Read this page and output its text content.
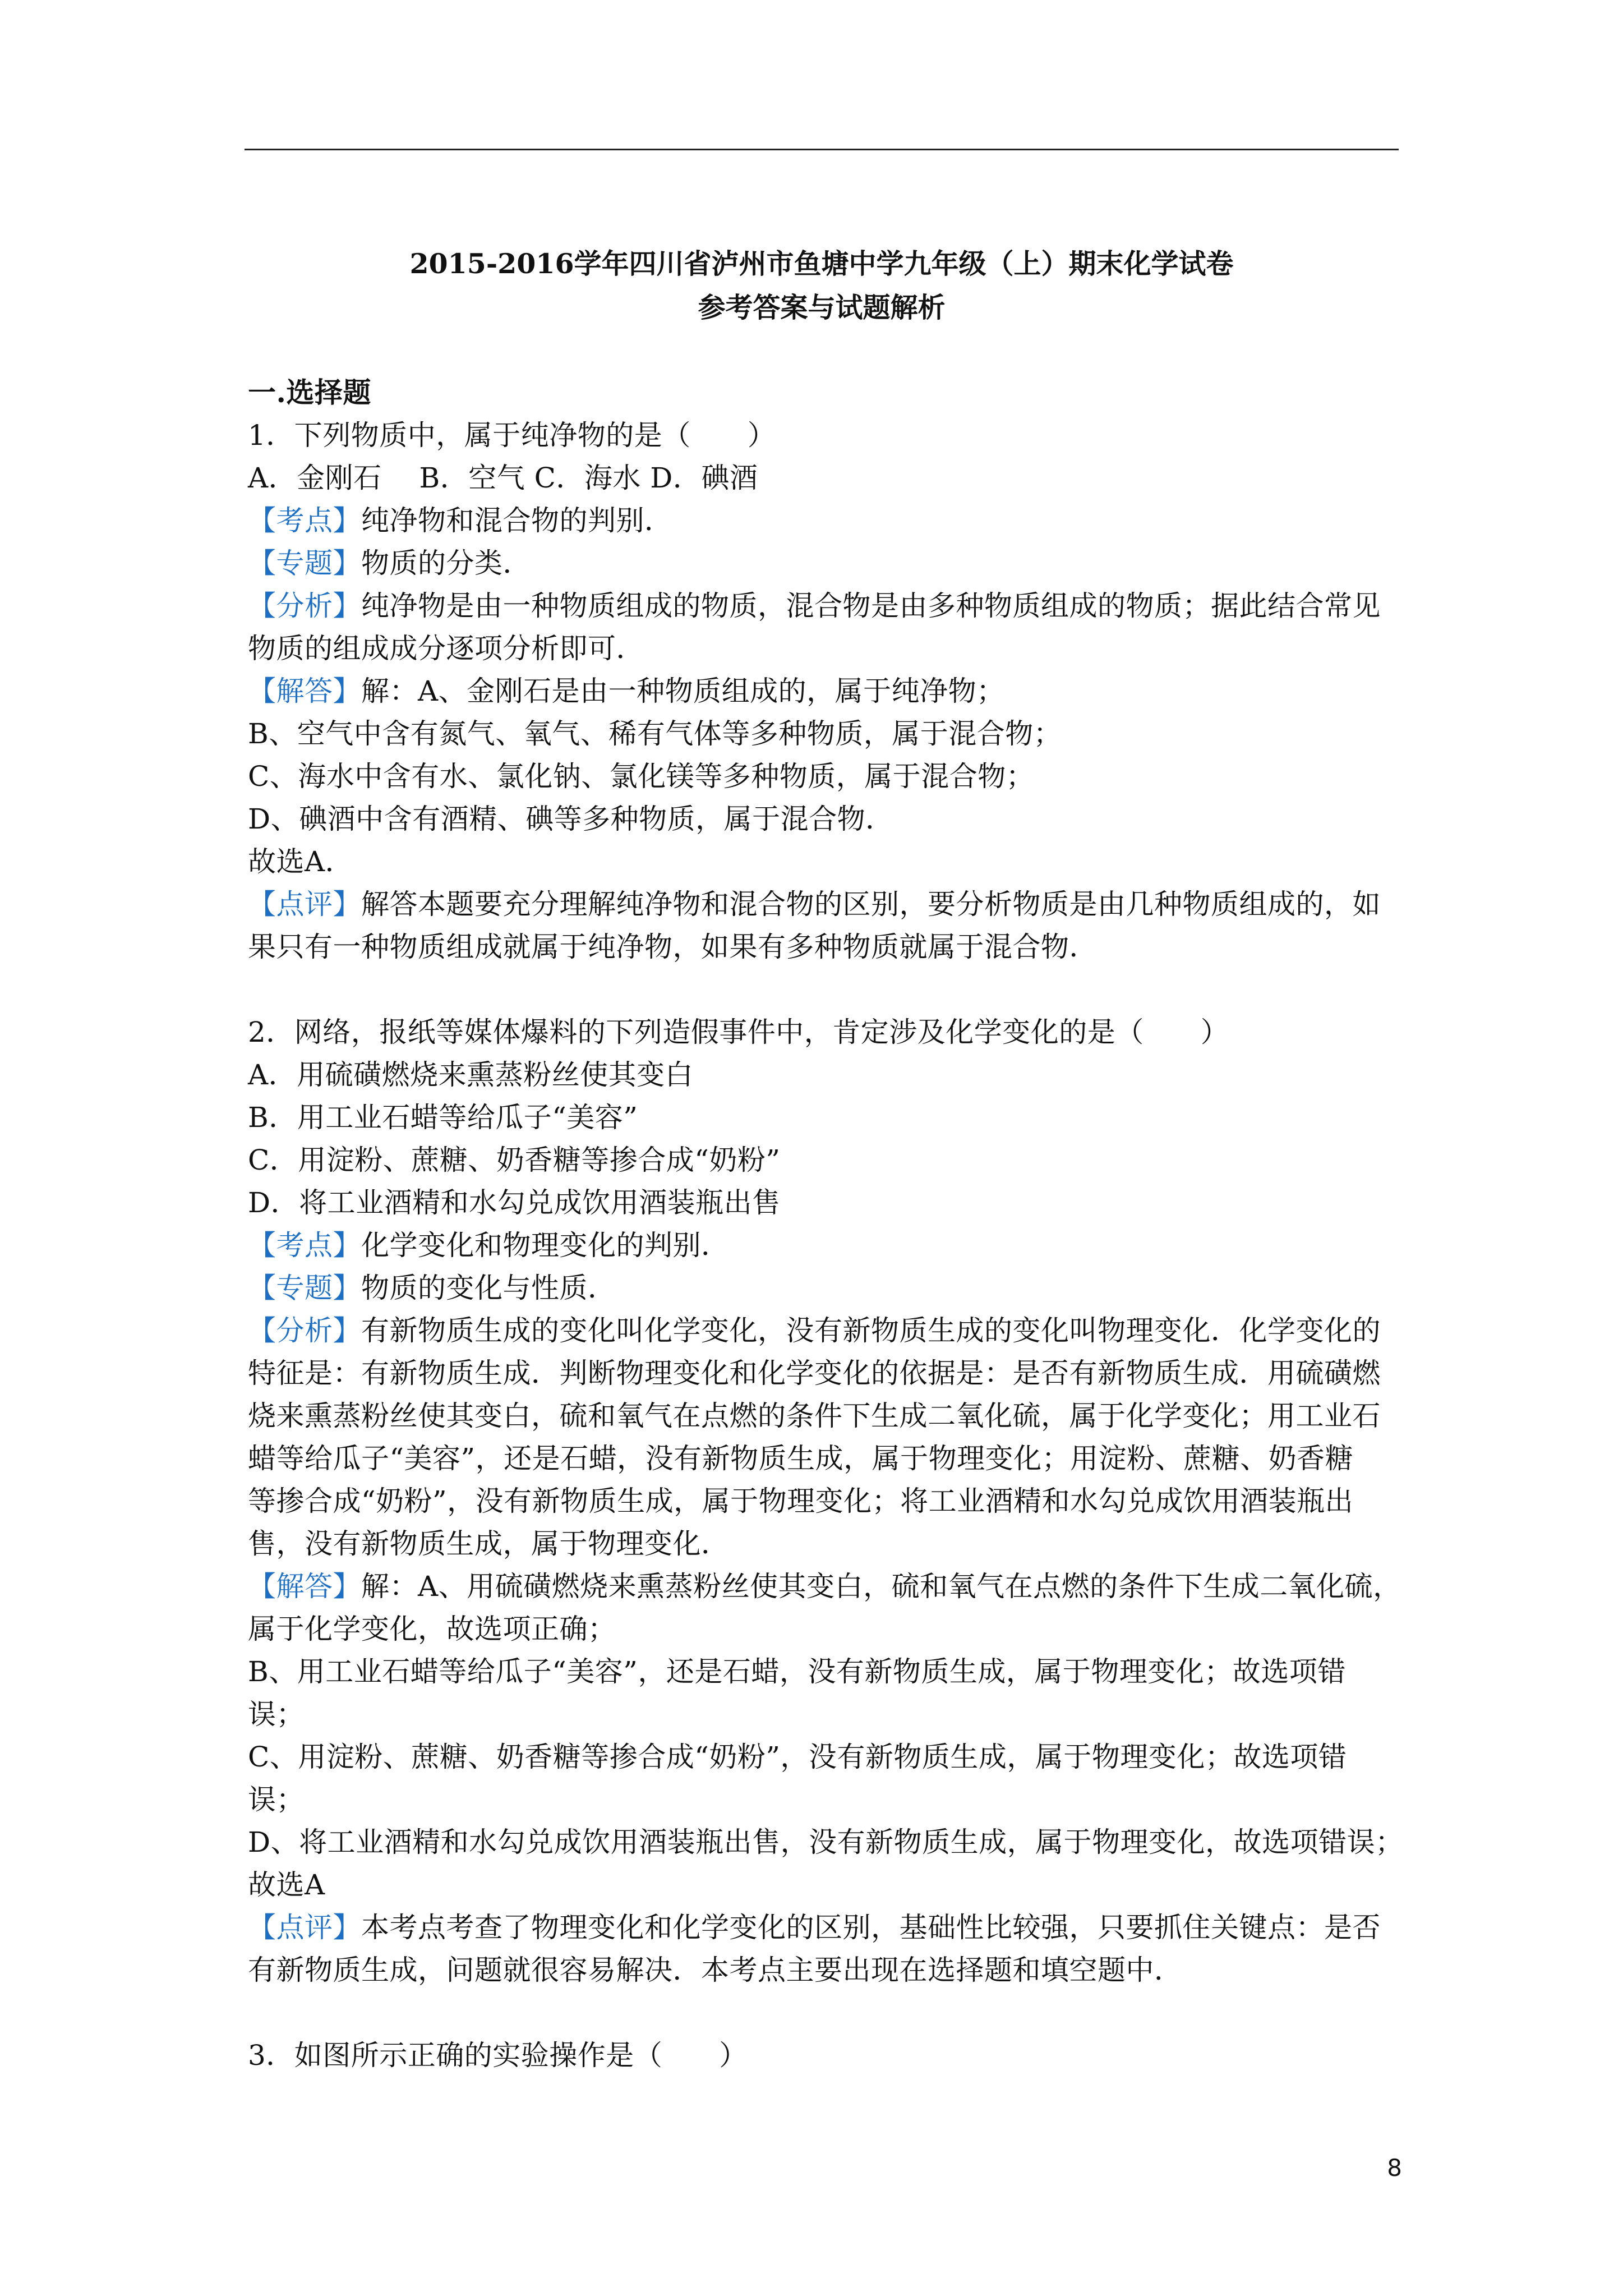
2015-2016学年四川省泸州市鱼塘中学九年级（上）期末化学试卷
参考答案与试题解析
一.选择题
1．下列物质中，属于纯净物的是（　　）
A．金刚石　 B．空气 C．海水 D．碘酒
【考点】纯净物和混合物的判别．
【专题】物质的分类．
【分析】纯净物是由一种物质组成的物质，混合物是由多种物质组成的物质；据此结合常见
物质的组成成分逐项分析即可．
【解答】解：A、金刚石是由一种物质组成的，属于纯净物；
B、空气中含有氮气、氧气、稀有气体等多种物质，属于混合物；
C、海水中含有水、氯化钠、氯化镁等多种物质，属于混合物；
D、碘酒中含有酒精、碘等多种物质，属于混合物．
故选A．
【点评】解答本题要充分理解纯净物和混合物的区别，要分析物质是由几种物质组成的，如
果只有一种物质组成就属于纯净物，如果有多种物质就属于混合物．
2．网络，报纸等媒体爆料的下列造假事件中，肯定涉及化学变化的是（　　）
A．用硫磺燃烧来熏蒸粉丝使其变白
B．用工业石蜡等给瓜子“美容”
C．用淀粉、蔗糖、奶香糖等掺合成“奶粉”
D．将工业酒精和水勾兑成饮用酒装瓶出售
【考点】化学变化和物理变化的判别．
【专题】物质的变化与性质．
【分析】有新物质生成的变化叫化学变化，没有新物质生成的变化叫物理变化．化学变化的
特征是：有新物质生成．判断物理变化和化学变化的依据是：是否有新物质生成．用硫磺燃
烧来熏蒸粉丝使其变白，硫和氧气在点燃的条件下生成二氧化硫，属于化学变化；用工业石
蜡等给瓜子“美容”，还是石蜡，没有新物质生成，属于物理变化；用淀粉、蔗糖、奶香糖
等掺合成“奶粉”，没有新物质生成，属于物理变化；将工业酒精和水勾兑成饮用酒装瓶出
售，没有新物质生成，属于物理变化．
【解答】解：A、用硫磺燃烧来熏蒸粉丝使其变白，硫和氧气在点燃的条件下生成二氧化硫，
属于化学变化，故选项正确；
B、用工业石蜡等给瓜子“美容”，还是石蜡，没有新物质生成，属于物理变化；故选项错
误；
C、用淀粉、蔗糖、奶香糖等掺合成“奶粉”，没有新物质生成，属于物理变化；故选项错
误；
D、将工业酒精和水勾兑成饮用酒装瓶出售，没有新物质生成，属于物理变化，故选项错误；
故选A
【点评】本考点考查了物理变化和化学变化的区别，基础性比较强，只要抓住关键点：是否
有新物质生成，问题就很容易解决．本考点主要出现在选择题和填空题中．
3．如图所示正确的实验操作是（　　）
8
